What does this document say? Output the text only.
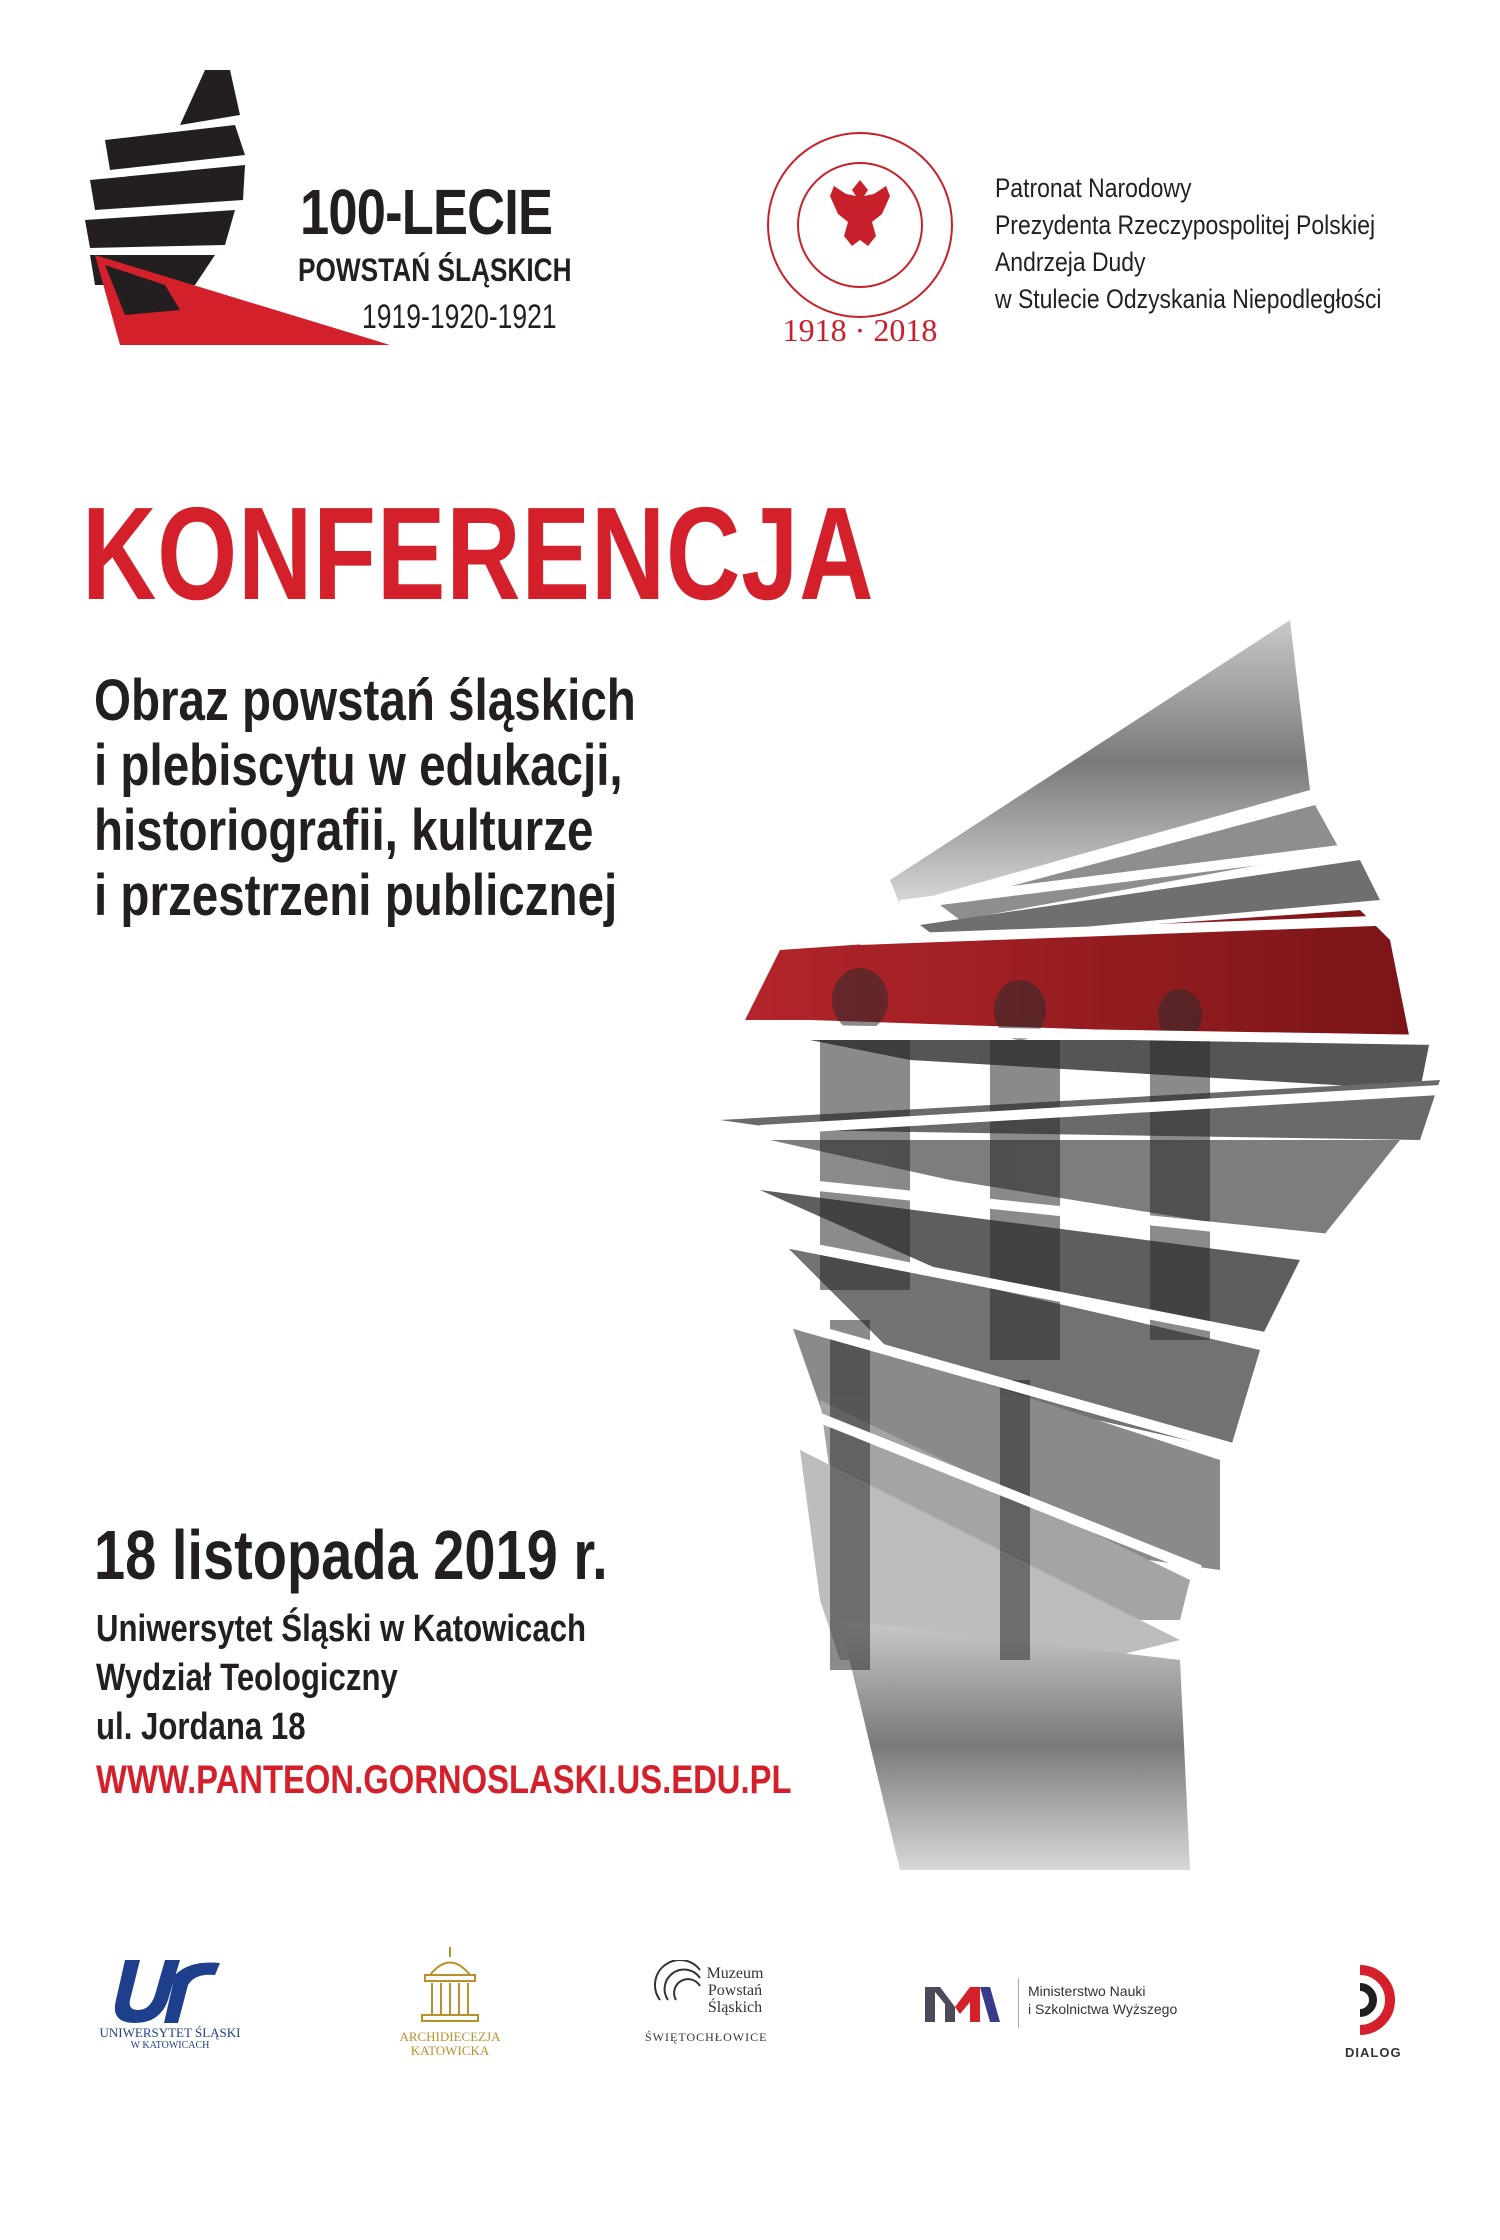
100-LECIE
POWSTAŃ ŚLĄSKICH
1919-1920-1921	1918 · 2018
Patronat Narodowy
Prezydenta Rzeczypospolitej Polskiej
Andrzeja Dudy
w Stulecie Odzyskania Niepodległości
KONFERENCJA
Obraz powstań śląskich
i plebiscytu w edukacji,
historiografii, kulturze
i przestrzeni publicznej
18 listopada 2019 r.
Uniwersytet Śląski w Katowicach
Wydział Teologiczny
ul. Jordana 18
WWW.PANTEON.GORNOSLASKI.US.EDU.PL
UNIWERSYTET ŚLĄSKI
W KATOWICACH
ARCHIDIECEZJA
KATOWICKA
Muzeum
Powstań
Śląskich
ŚWIĘTOCHŁOWICE
Ministerstwo Nauki
i Szkolnictwa Wyższego
DIALOG
